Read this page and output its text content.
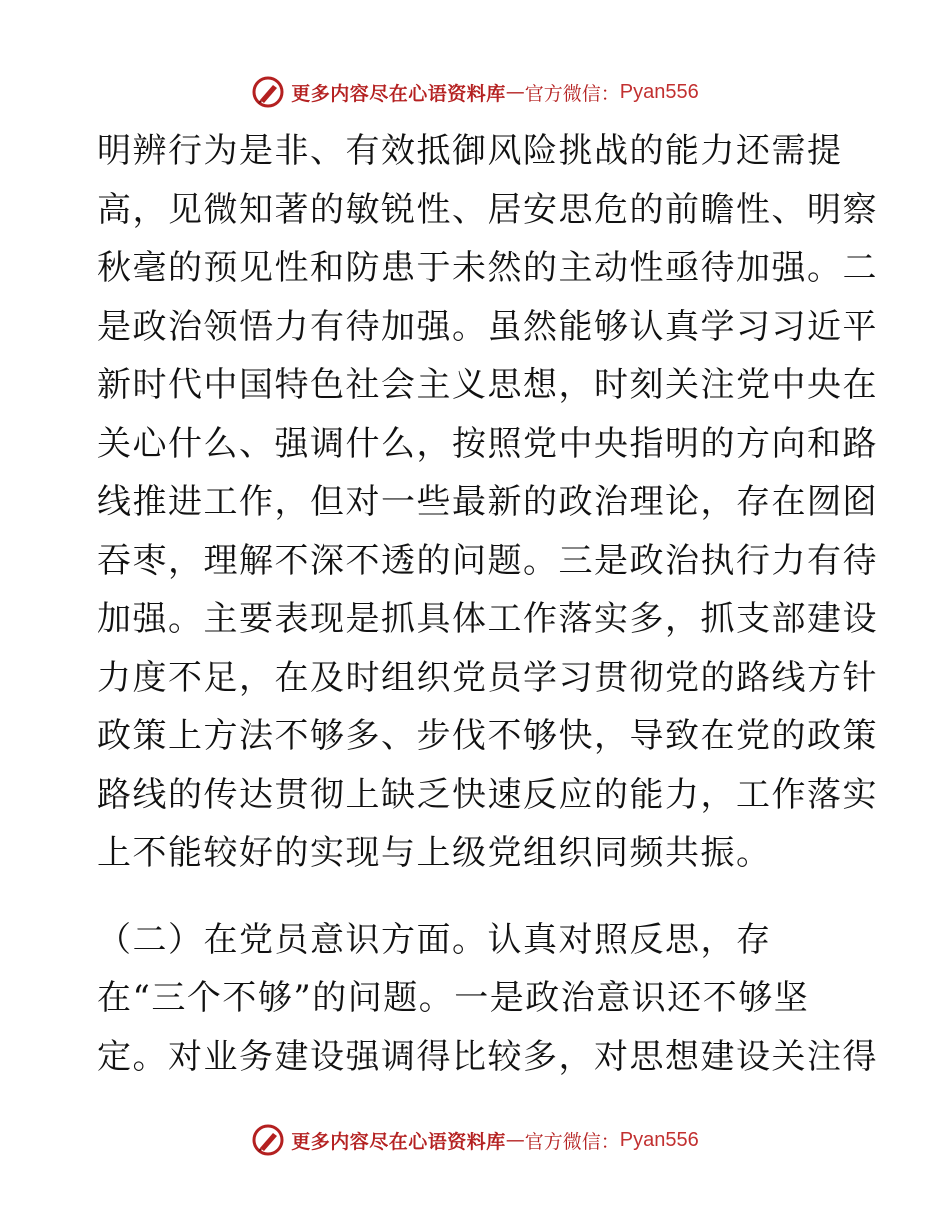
更多内容尽在心语资料库 — 官方微信： Pyan556
明辨行为是非、有效抵御风险挑战的能力还需提
高，见微知著的敏锐性、居安思危的前瞻性、明察
秋毫的预见性和防患于未然的主动性亟待加强。二
是政治领悟力有待加强。虽然能够认真学习习近平
新时代中国特色社会主义思想，时刻关注党中央在
关心什么、强调什么，按照党中央指明的方向和路
线推进工作，但对一些最新的政治理论，存在囫囵
吞枣，理解不深不透的问题。三是政治执行力有待
加强。主要表现是抓具体工作落实多，抓支部建设
力度不足，在及时组织党员学习贯彻党的路线方针
政策上方法不够多、步伐不够快，导致在党的政策
路线的传达贯彻上缺乏快速反应的能力，工作落实
上不能较好的实现与上级党组织同频共振。
（二）在党员意识方面。认真对照反思，存
在“三个不够”的问题。一是政治意识还不够坚
定。对业务建设强调得比较多，对思想建设关注得
更多内容尽在心语资料库 — 官方微信： Pyan556
